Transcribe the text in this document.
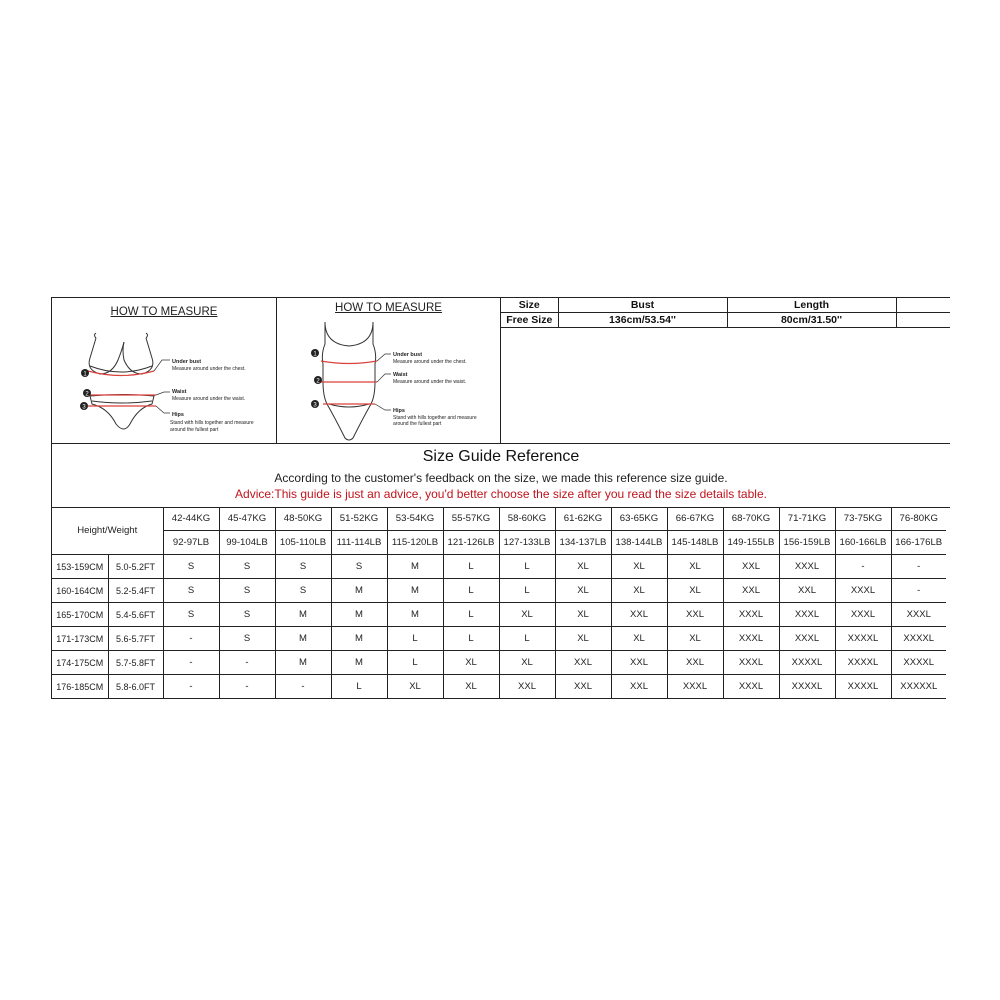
HOW TO MEASURE
1
2
3
Under bust
Measure around under the chest.
Waist
Measure around under the waist.
Hips
Stand with hills together and measure
around the fullest part
HOW TO MEASURE
1
2
3
Under bust
Measure around under the chest.
Waist
Measure around under the waist.
Hips
Stand with hills together and measure
around the fullest part
Size	Bust	Length	
Free Size	136cm/53.54''	80cm/31.50''	
Size Guide Reference
According to the customer's feedback on the size, we made this reference size guide.
Advice:This guide is just an advice, you'd better choose the size after you read the size details table.
Height/Weight		42-44KG	45-47KG	48-50KG	51-52KG	53-54KG	55-57KG	58-60KG	61-62KG	63-65KG	66-67KG	68-70KG	71-71KG	73-75KG	76-80KG
		92-97LB	99-104LB	105-110LB	111-114LB	115-120LB	121-126LB	127-133LB	134-137LB	138-144LB	145-148LB	149-155LB	156-159LB	160-166LB	166-176LB
153-159CM	5.0-5.2FT	S	S	S	S	M	L	L	XL	XL	XL	XXL	XXXL	-	-
160-164CM	5.2-5.4FT	S	S	S	M	M	L	L	XL	XL	XL	XXL	XXL	XXXL	-
165-170CM	5.4-5.6FT	S	S	M	M	M	L	XL	XL	XXL	XXL	XXXL	XXXL	XXXL	XXXL
171-173CM	5.6-5.7FT	-	S	M	M	L	L	L	XL	XL	XL	XXXL	XXXL	XXXXL	XXXXL
174-175CM	5.7-5.8FT	-	-	M	M	L	XL	XL	XXL	XXL	XXL	XXXL	XXXXL	XXXXL	XXXXL
176-185CM	5.8-6.0FT	-	-	-	L	XL	XL	XXL	XXL	XXL	XXXL	XXXL	XXXXL	XXXXL	XXXXXL
